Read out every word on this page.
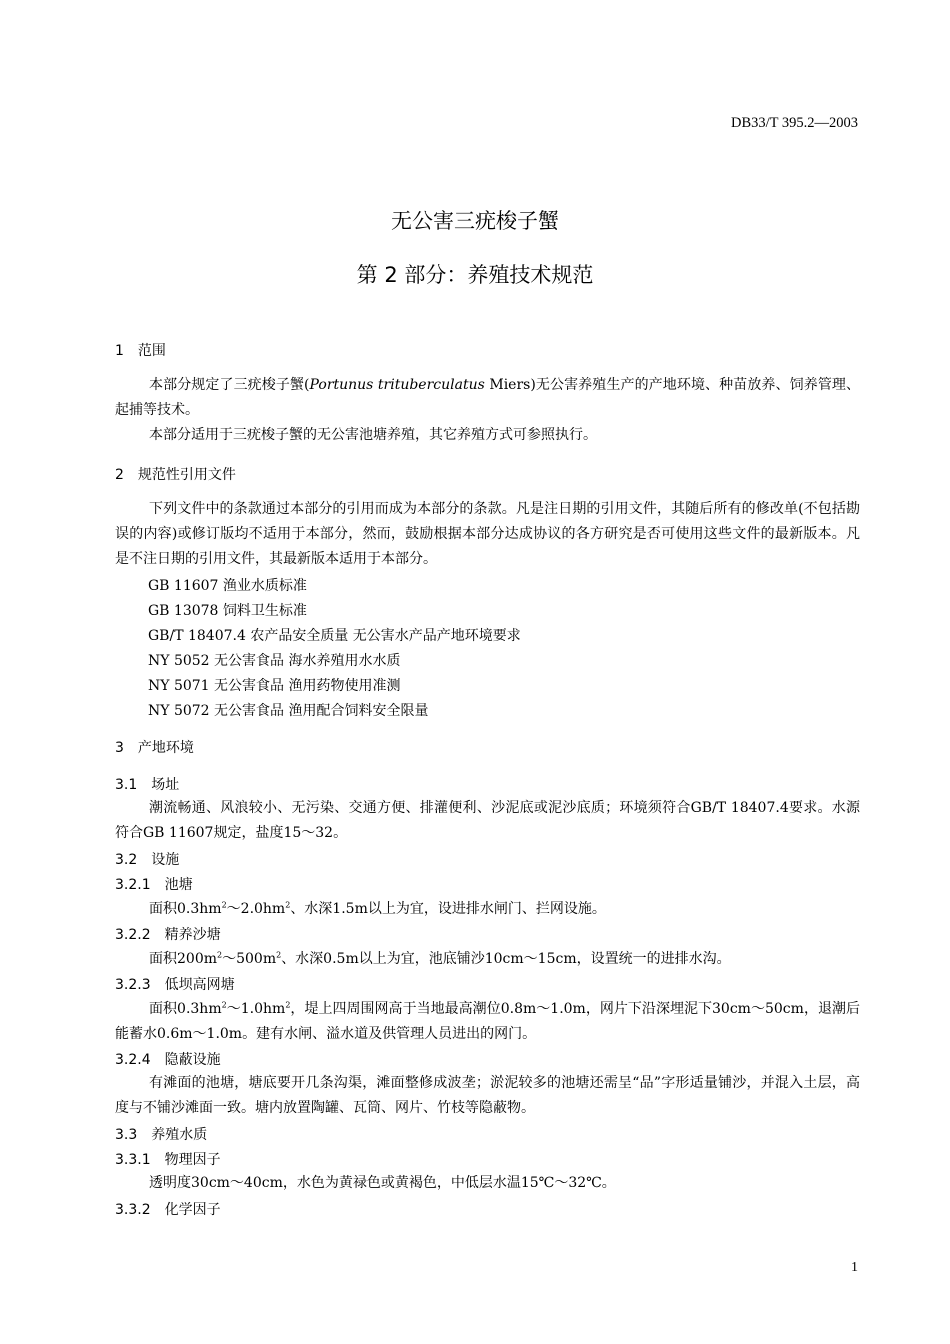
DB33/T 395.2—2003
无公害三疣梭子蟹
第 2 部分：养殖技术规范
1　范围
本部分规定了三疣梭子蟹(Portunus trituberculatus Miers)无公害养殖生产的产地环境、种苗放养、饲养管理、起捕等技术。
本部分适用于三疣梭子蟹的无公害池塘养殖，其它养殖方式可参照执行。
2　规范性引用文件
下列文件中的条款通过本部分的引用而成为本部分的条款。凡是注日期的引用文件，其随后所有的修改单(不包括勘误的内容)或修订版均不适用于本部分，然而，鼓励根据本部分达成协议的各方研究是否可使用这些文件的最新版本。凡是不注日期的引用文件，其最新版本适用于本部分。
GB 11607 渔业水质标准
GB 13078 饲料卫生标准
GB/T 18407.4 农产品安全质量 无公害水产品产地环境要求
NY 5052 无公害食品 海水养殖用水水质
NY 5071 无公害食品 渔用药物使用准测
NY 5072 无公害食品 渔用配合饲料安全限量
3　产地环境
3.1　场址
潮流畅通、风浪较小、无污染、交通方便、排灌便利、沙泥底或泥沙底质；环境须符合GB/T 18407.4要求。水源符合GB 11607规定，盐度15～32。
3.2　设施
3.2.1　池塘
面积$0.3hm^2\sim 2.0hm^2$、水深1.5m以上为宜，设进排水闸门、拦网设施。
3.2.2　精养沙塘
面积$200m^2\sim 500m^2$、水深0.5m以上为宜，池底铺沙10cm～15cm，设置统一的进排水沟。
3.2.3　低坝高网塘
面积$0.3hm^2\sim 1.0hm^2$，堤上四周围网高于当地最高潮位0.8m～1.0m，网片下沿深埋泥下30cm～50cm，退潮后能蓄水0.6m～1.0m。建有水闸、溢水道及供管理人员进出的网门。
3.2.4　隐蔽设施
有滩面的池塘，塘底要开几条沟渠，滩面整修成波垄；淤泥较多的池塘还需呈“品”字形适量铺沙，并混入土层，高度与不铺沙滩面一致。塘内放置陶罐、瓦筒、网片、竹枝等隐蔽物。
3.3　养殖水质
3.3.1　物理因子
透明度30cm～40cm，水色为黄禄色或黄褐色，中低层水温15℃～32℃。
3.3.2　化学因子
1
